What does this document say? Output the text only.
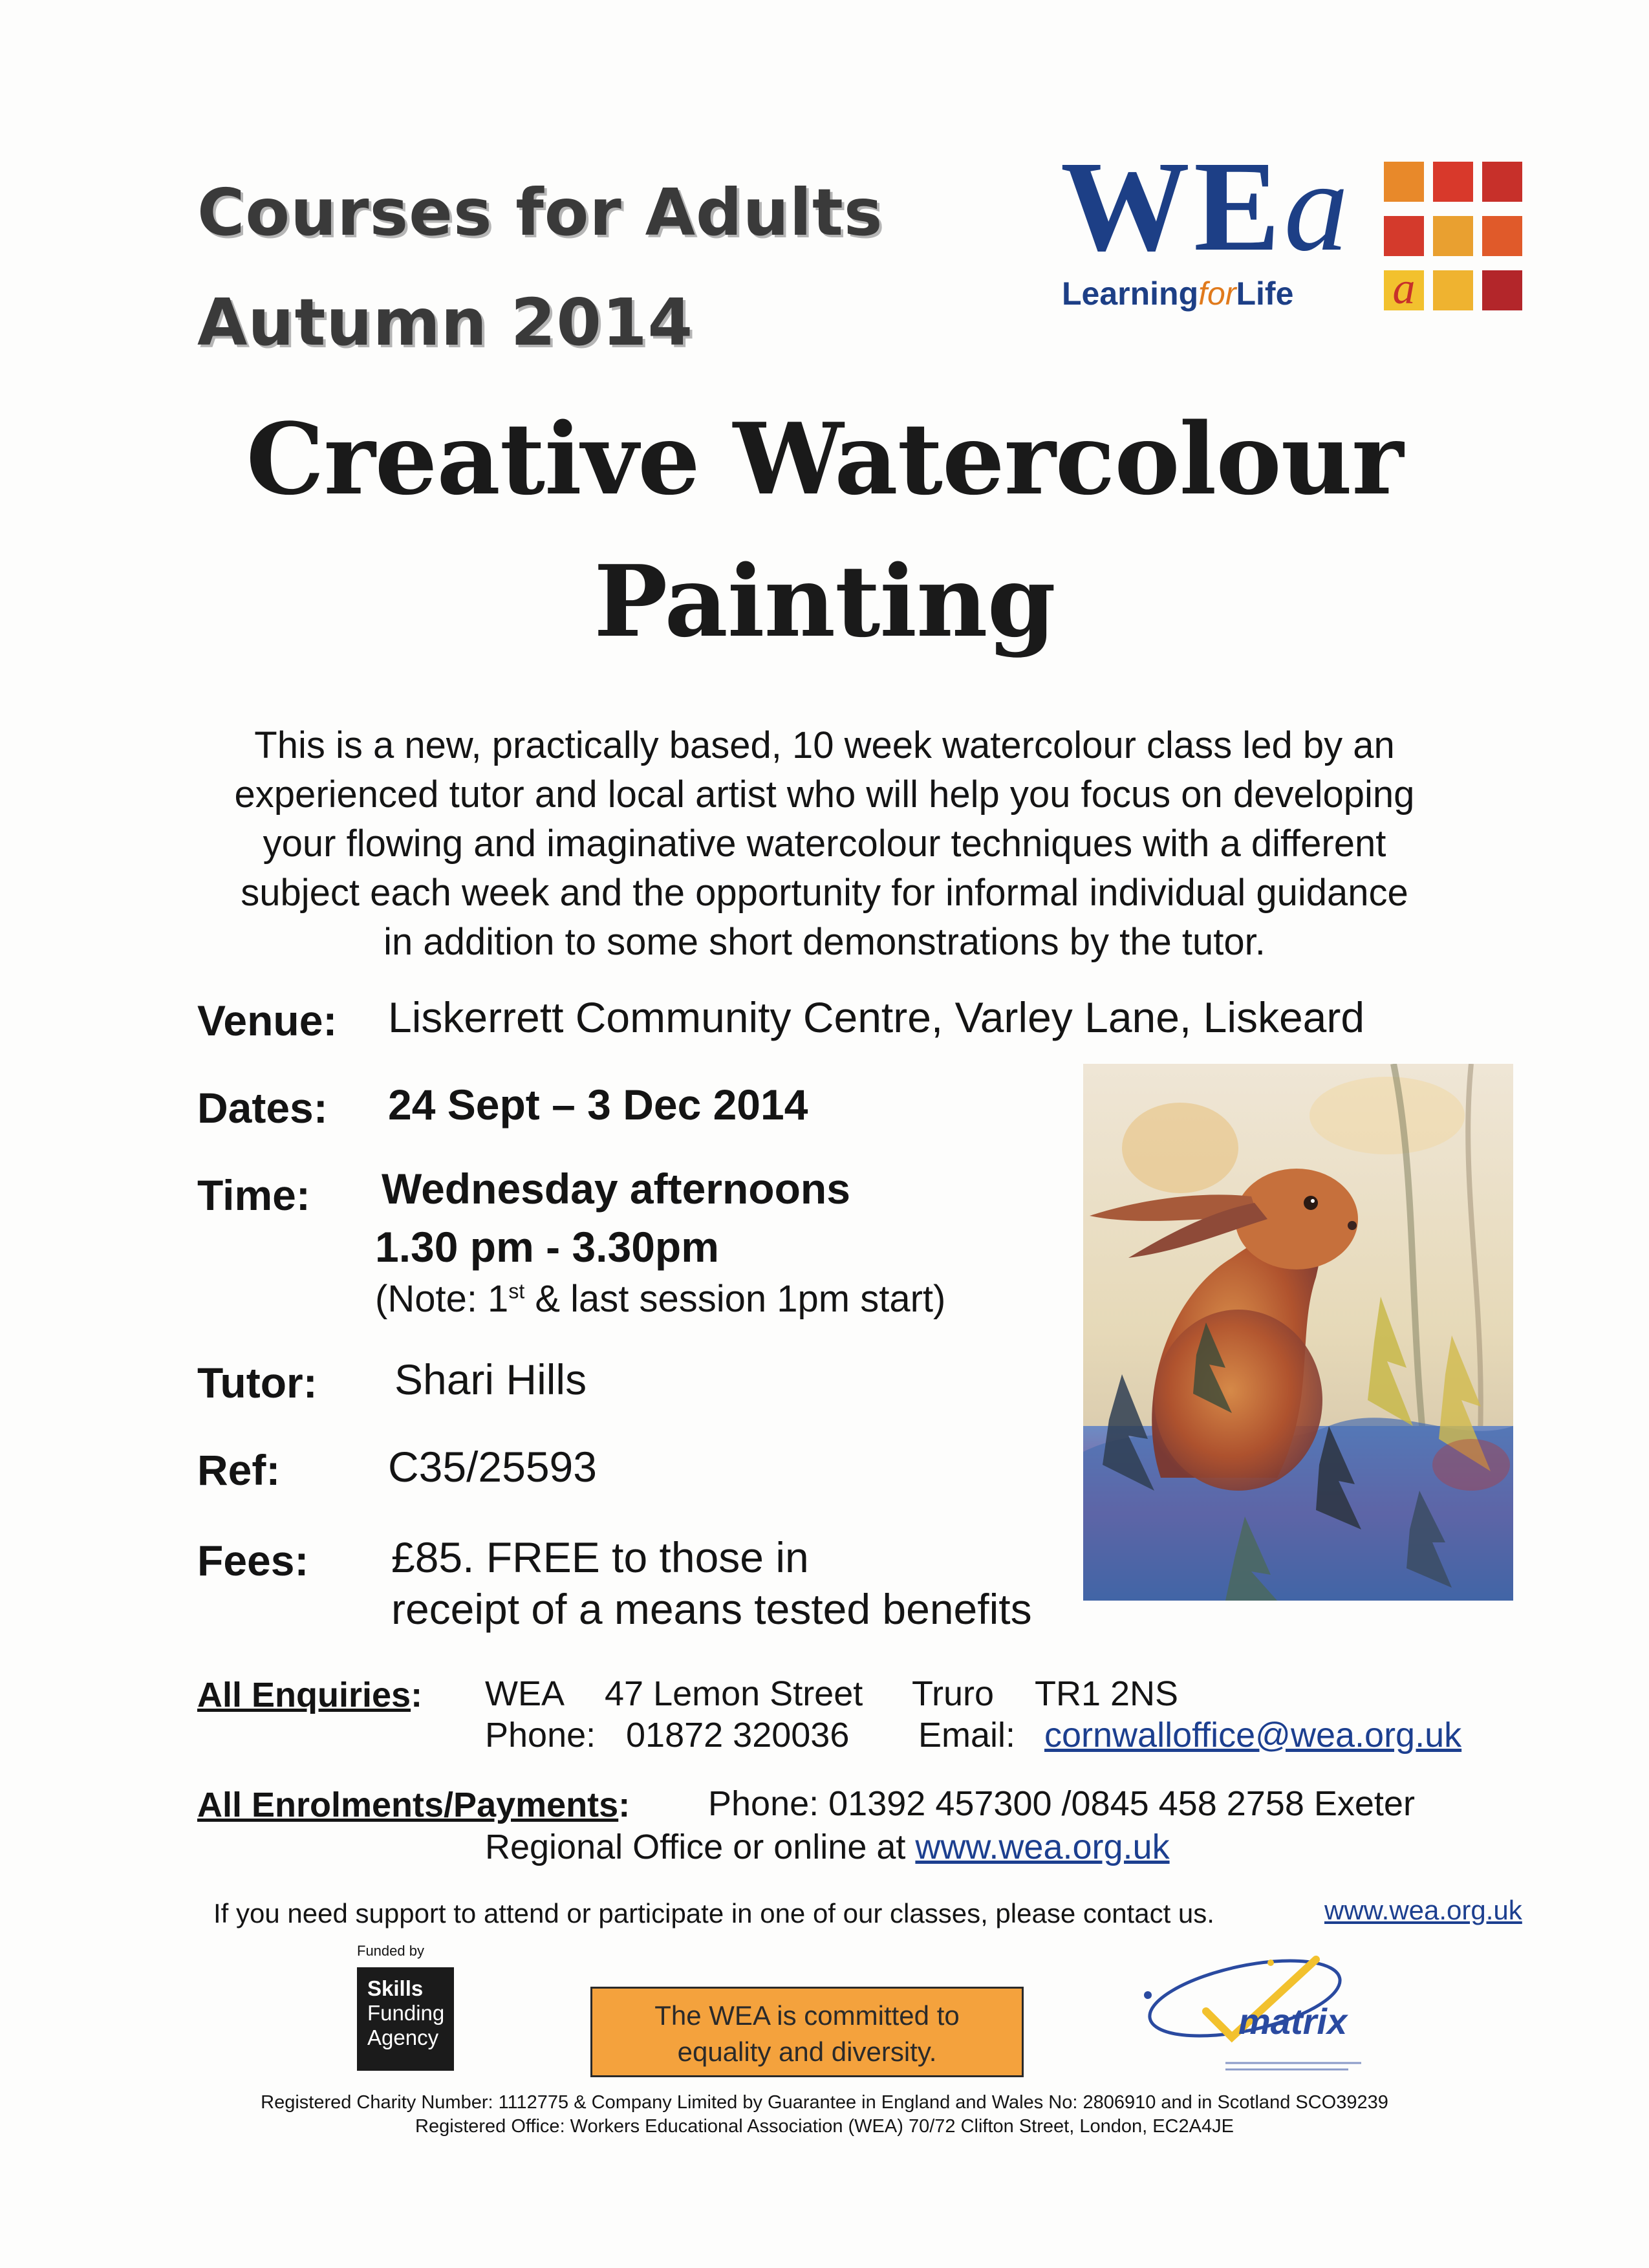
Courses for Adults
Autumn 2014
WEa
LearningforLife a
Creative Watercolour
Painting
This is a new, practically based, 10 week watercolour class led by an
experienced tutor and local artist who will help you focus on developing
your flowing and imaginative watercolour techniques with a different
subject each week and the opportunity for informal individual guidance
in addition to some short demonstrations by the tutor.
Venue: Liskerrett Community Centre, Varley Lane, Liskeard
Dates: 24 Sept – 3 Dec 2014
Time: Wednesday afternoons
1.30 pm - 3.30pm
(Note: 1st & last session 1pm start)
Tutor: Shari Hills
Ref:	C35/25593
Fees: £85. FREE to those in
receipt of a means tested benefits
All Enquiries: WEA 47 Lemon Street Truro TR1 2NS
Phone: 01872 320036 Email: cornwalloffice@wea.org.uk
All Enrolments/Payments: Phone: 01392 457300 /0845 458 2758 Exeter
Regional Office or online at www.wea.org.uk
If you need support to attend or participate in one of our classes, please contact us.	www.wea.org.uk
Funded by
Skills
Funding
Agency
The WEA is committed to
equality and diversity.
matrix
Registered Charity Number: 1112775 & Company Limited by Guarantee in England and Wales No: 2806910 and in Scotland SCO39239
Registered Office: Workers Educational Association (WEA) 70/72 Clifton Street, London, EC2A4JE
